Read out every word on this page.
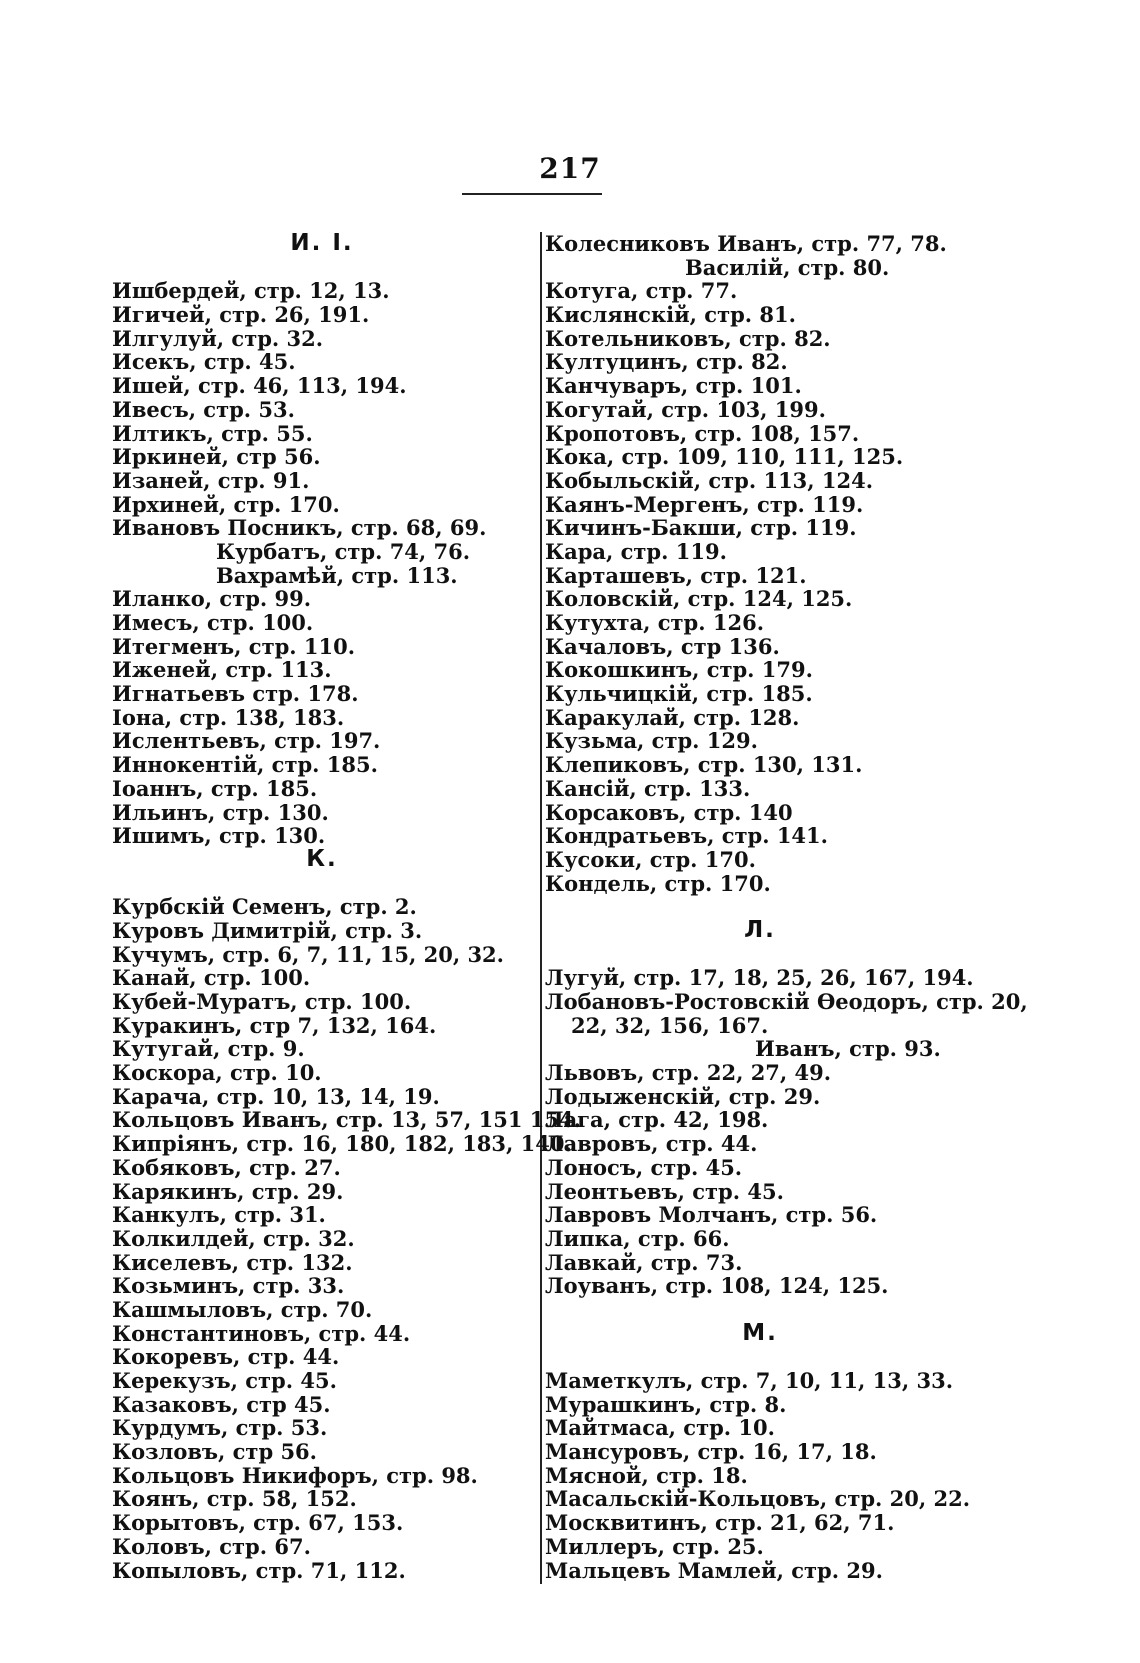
217
И. I.
Ишбердей, стр. 12, 13.
Игичей, стр. 26, 191.
Илгулуй, стр. 32.
Исекъ, стр. 45.
Ишей, стр. 46, 113, 194.
Ивесъ, стр. 53.
Илтикъ, стр. 55.
Иркиней, стр 56.
Изаней, стр. 91.
Ирхиней, стр. 170.
Ивановъ Посникъ, стр. 68, 69.
Курбатъ, стр. 74, 76.
Вахрамѣй, стр. 113.
Иланко, стр. 99.
Имесъ, стр. 100.
Итегменъ, стр. 110.
Иженей, стр. 113.
Игнатьевъ стр. 178.
Іона, стр. 138, 183.
Ислентьевъ, стр. 197.
Иннокентій, стр. 185.
Іоаннъ, стр. 185.
Ильинъ, стр. 130.
Ишимъ, стр. 130.
К.
Курбскій Семенъ, стр. 2.
Куровъ Димитрій, стр. 3.
Кучумъ, стр. 6, 7, 11, 15, 20, 32.
Канай, стр. 100.
Кубей-Муратъ, стр. 100.
Куракинъ, стр 7, 132, 164.
Кутугай, стр. 9.
Коскора, стр. 10.
Карача, стр. 10, 13, 14, 19.
Кольцовъ Иванъ, стр. 13, 57, 151 154.
Кипріянъ, стр. 16, 180, 182, 183, 140.
Кобяковъ, стр. 27.
Карякинъ, стр. 29.
Канкулъ, стр. 31.
Колкилдей, стр. 32.
Киселевъ, стр. 132.
Козьминъ, стр. 33.
Кашмыловъ, стр. 70.
Константиновъ, стр. 44.
Кокоревъ, стр. 44.
Керекузъ, стр. 45.
Казаковъ, стр 45.
Курдумъ, стр. 53.
Козловъ, стр 56.
Кольцовъ Никифоръ, стр. 98.
Коянъ, стр. 58, 152.
Корытовъ, стр. 67, 153.
Коловъ, стр. 67.
Копыловъ, стр. 71, 112.
Колесниковъ Иванъ, стр. 77, 78.
Василій, стр. 80.
Котуга, стр. 77.
Кислянскій, стр. 81.
Котельниковъ, стр. 82.
Култуцинъ, стр. 82.
Канчуваръ, стр. 101.
Когутай, стр. 103, 199.
Кропотовъ, стр. 108, 157.
Кока, стр. 109, 110, 111, 125.
Кобыльскій, стр. 113, 124.
Каянъ-Мергенъ, стр. 119.
Кичинъ-Бакши, стр. 119.
Кара, стр. 119.
Карташевъ, стр. 121.
Коловскій, стр. 124, 125.
Кутухта, стр. 126.
Качаловъ, стр 136.
Кокошкинъ, стр. 179.
Кульчицкій, стр. 185.
Каракулай, стр. 128.
Кузьма, стр. 129.
Клепиковъ, стр. 130, 131.
Кансій, стр. 133.
Корсаковъ, стр. 140
Кондратьевъ, стр. 141.
Кусоки, стр. 170.
Кондель, стр. 170.
Л.
Лугуй, стр. 17, 18, 25, 26, 167, 194.
Лобановъ-Ростовскій Ѳеодоръ, стр. 20,
22, 32, 156, 167.
Иванъ, стр. 93.
Львовъ, стр. 22, 27, 49.
Лодыженскій, стр. 29.
Лага, стр. 42, 198.
Лавровъ, стр. 44.
Лоносъ, стр. 45.
Леонтьевъ, стр. 45.
Лавровъ Молчанъ, стр. 56.
Липка, стр. 66.
Лавкай, стр. 73.
Лоуванъ, стр. 108, 124, 125.
М.
Маметкулъ, стр. 7, 10, 11, 13, 33.
Мурашкинъ, стр. 8.
Майтмаса, стр. 10.
Мансуровъ, стр. 16, 17, 18.
Мясной, стр. 18.
Масальскій-Кольцовъ, стр. 20, 22.
Москвитинъ, стр. 21, 62, 71.
Миллеръ, стр. 25.
Мальцевъ Мамлей, стр. 29.
